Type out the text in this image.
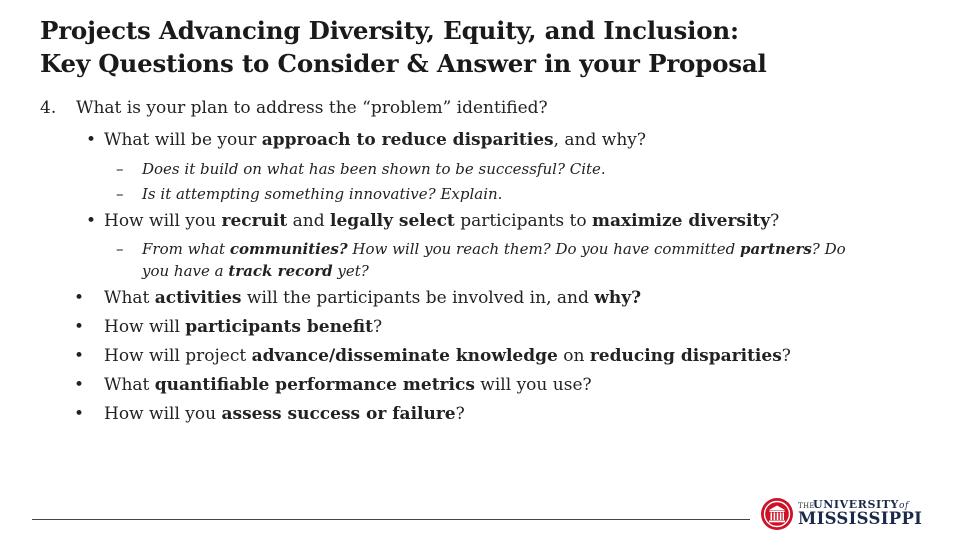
Projects Advancing Diversity, Equity, and Inclusion:
Key Questions to Consider & Answer in your Proposal
4. What is your plan to address the “problem” identified?
• What will be your approach to reduce disparities, and why?
– Does it build on what has been shown to be successful? Cite.
– Is it attempting something innovative? Explain.
• How will you recruit and legally select participants to maximize diversity?
– From what communities? How will you reach them? Do you have committed partners? Do
you have a track record yet?
• What activities will the participants be involved in, and why?
• How will participants benefit?
• How will project advance/disseminate knowledge on reducing disparities?
• What quantifiable performance metrics will you use?
• How will you assess success or failure?
THE
UNIVERSITYof
MISSISSIPPI
